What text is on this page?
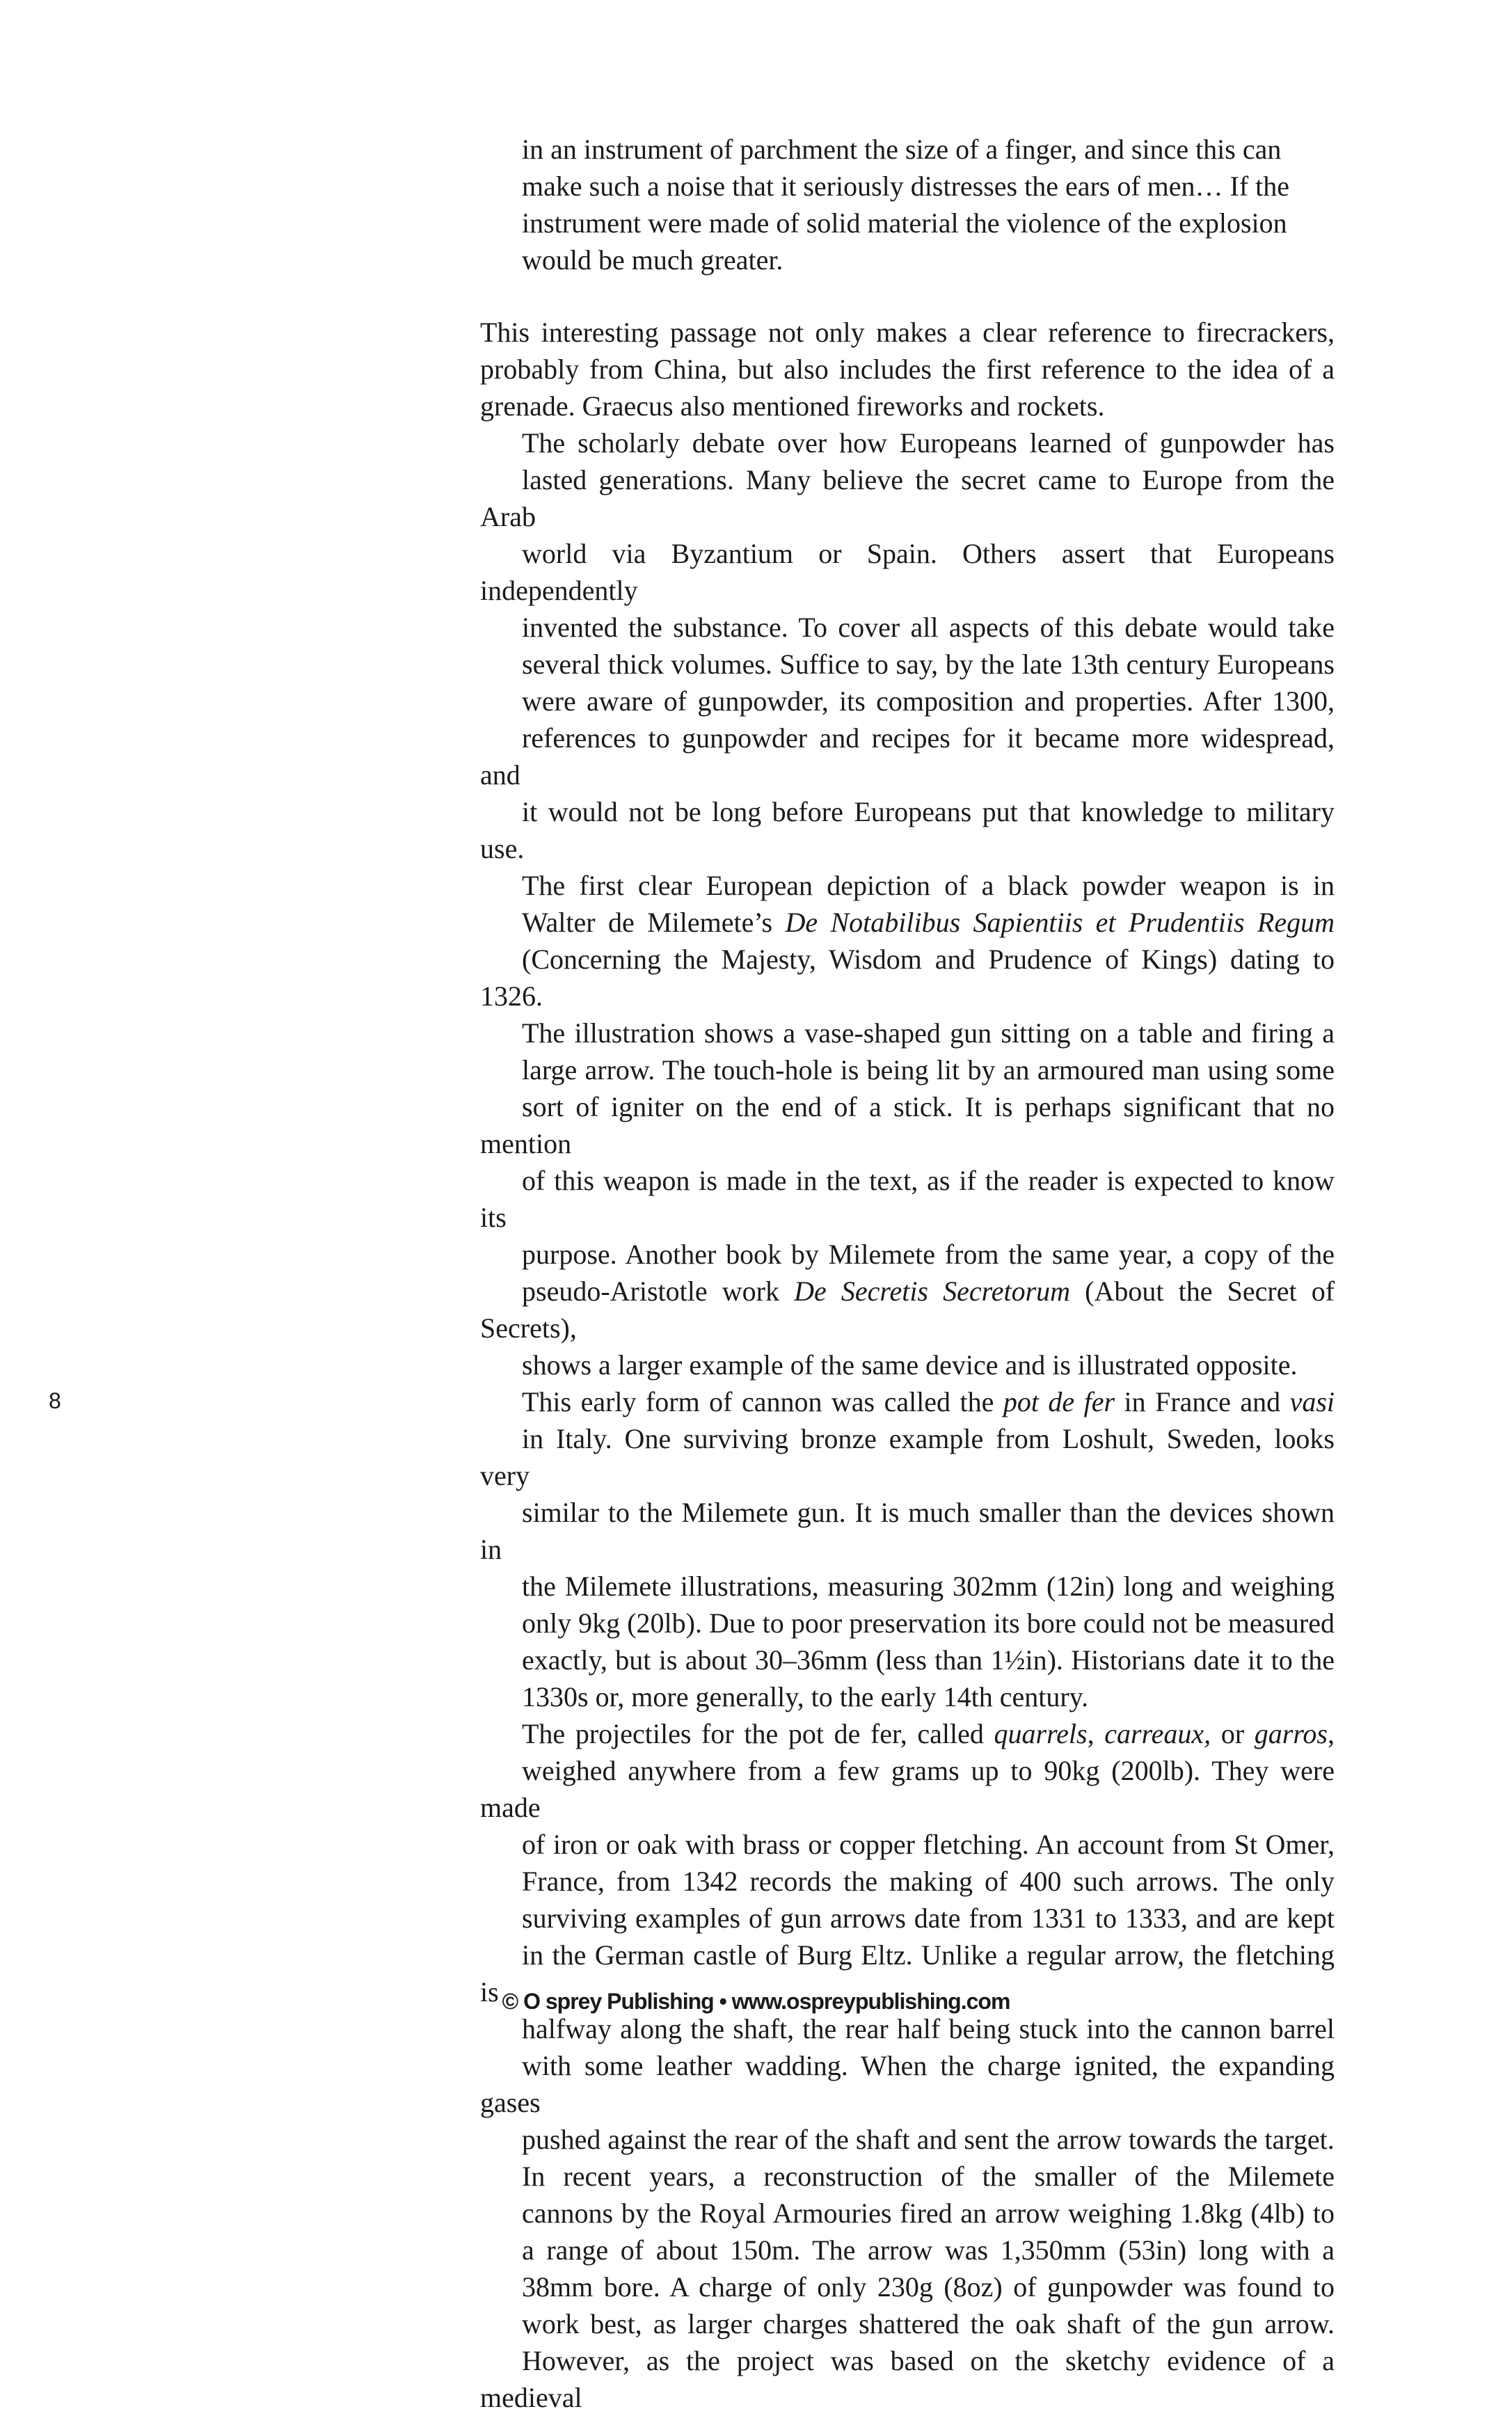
in an instrument of parchment the size of a finger, and since this can
make such a noise that it seriously distresses the ears of men… If the
instrument were made of solid material the violence of the explosion
would be much greater.

This interesting passage not only makes a clear reference to firecrackers,
probably from China, but also includes the first reference to the idea of a
grenade. Graecus also mentioned fireworks and rockets.

The scholarly debate over how Europeans learned of gunpowder has
lasted generations. Many believe the secret came to Europe from the Arab
world via Byzantium or Spain. Others assert that Europeans independently
invented the substance. To cover all aspects of this debate would take
several thick volumes. Suffice to say, by the late 13th century Europeans
were aware of gunpowder, its composition and properties. After 1300,
references to gunpowder and recipes for it became more widespread, and
it would not be long before Europeans put that knowledge to military use.

The first clear European depiction of a black powder weapon is in
Walter de Milemete’s De Notabilibus Sapientiis et Prudentiis Regum
(Concerning the Majesty, Wisdom and Prudence of Kings) dating to 1326.
The illustration shows a vase-shaped gun sitting on a table and firing a
large arrow. The touch-hole is being lit by an armoured man using some
sort of igniter on the end of a stick. It is perhaps significant that no mention
of this weapon is made in the text, as if the reader is expected to know its
purpose. Another book by Milemete from the same year, a copy of the
pseudo-Aristotle work De Secretis Secretorum (About the Secret of Secrets),
shows a larger example of the same device and is illustrated opposite.

This early form of cannon was called the pot de fer in France and vasi
in Italy. One surviving bronze example from Loshult, Sweden, looks very
similar to the Milemete gun. It is much smaller than the devices shown in
the Milemete illustrations, measuring 302mm (12in) long and weighing
only 9kg (20lb). Due to poor preservation its bore could not be measured
exactly, but is about 30–36mm (less than 1½in). Historians date it to the
1330s or, more generally, to the early 14th century.

The projectiles for the pot de fer, called quarrels, carreaux, or garros,
weighed anywhere from a few grams up to 90kg (200lb). They were made
of iron or oak with brass or copper fletching. An account from St Omer,
France, from 1342 records the making of 400 such arrows. The only
surviving examples of gun arrows date from 1331 to 1333, and are kept
in the German castle of Burg Eltz. Unlike a regular arrow, the fletching is
halfway along the shaft, the rear half being stuck into the cannon barrel
with some leather wadding. When the charge ignited, the expanding gases
pushed against the rear of the shaft and sent the arrow towards the target.

In recent years, a reconstruction of the smaller of the Milemete
cannons by the Royal Armouries fired an arrow weighing 1.8kg (4lb) to
a range of about 150m. The arrow was 1,350mm (53in) long with a
38mm bore. A charge of only 230g (8oz) of gunpowder was found to
work best, as larger charges shattered the oak shaft of the gun arrow.
However, as the project was based on the sketchy evidence of a medieval

8
© O sprey Publishing • www.ospreypublishing.com
